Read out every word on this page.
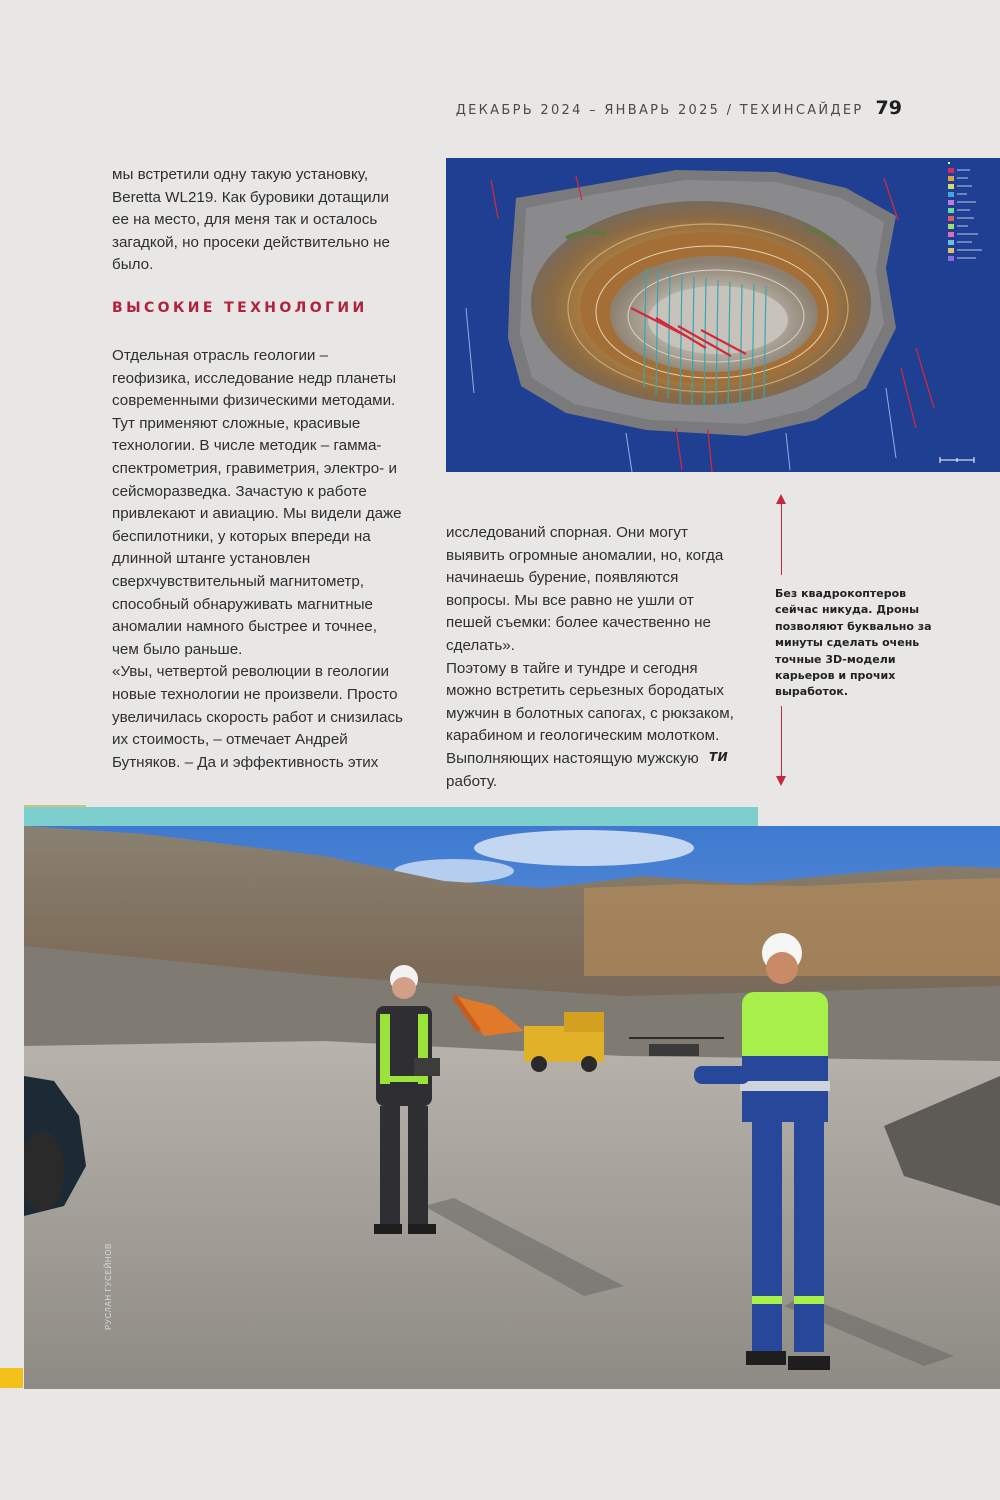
ДЕКАБРЬ 2024 – ЯНВАРЬ 2025 / ТЕХИНСАЙДЕР 79

мы встретили одну такую установку, Beretta WL219. Как буровики дотащили ее на место, для меня так и осталось загадкой, но просеки действительно не было.

ВЫСОКИЕ ТЕХНОЛОГИИ

Отдельная отрасль геологии – геофизика, исследование недр планеты современными физическими методами. Тут применяют сложные, красивые технологии. В числе методик – гамма-спектрометрия, гравиметрия, электро- и сейсморазведка. Зачастую к работе привлекают и авиацию. Мы видели даже беспилотники, у которых впереди на длинной штанге установлен сверхчувствительный магнитометр, способный обнаруживать магнитные аномалии намного быстрее и точнее, чем было раньше.

«Увы, четвертой революции в геологии новые технологии не произвели. Просто увеличилась скорость работ и снизилась их стоимость, – отмечает Андрей Бутняков. – Да и эффективность этих

исследований спорная. Они могут выявить огромные аномалии, но, когда начинаешь бурение, появляются вопросы. Мы все равно не ушли от пешей съемки: более качественно не сделать».

Поэтому в тайге и тундре и сегодня можно встретить серьезных бородатых мужчин в болотных сапогах, с рюкзаком, карабином и геологическим молотком. Выполняющих настоящую мужскую работу.

ТИ
Без квадрокоптеров сейчас никуда. Дроны позволяют буквально за минуты сделать очень точные 3D-модели карьеров и прочих выработок.
РУСЛАН ГУСЕЙНОВ
